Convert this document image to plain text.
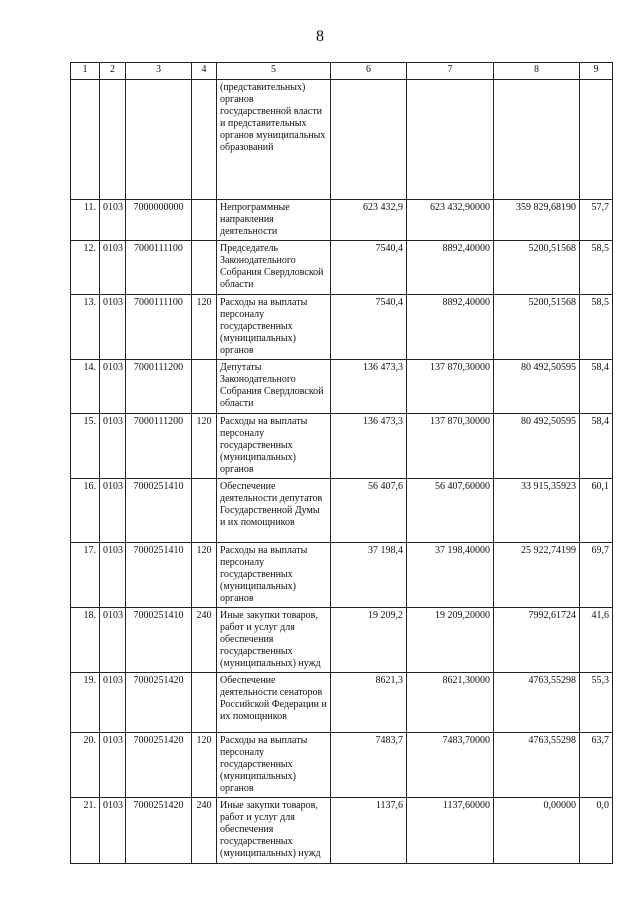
8
1	2	3	4	5	6	7	8	9
				(представительных) органов государственной власти и представительных органов муниципальных образований				
11.	0103	7000000000		Непрограммные направления деятельности	623 432,9	623 432,90000	359 829,68190	57,7
12.	0103	7000111100		Председатель Законодательного Собрания Свердловской области	7540,4	8892,40000	5200,51568	58,5
13.	0103	7000111100	120	Расходы на выплаты персоналу государственных (муниципальных) органов	7540,4	8892,40000	5200,51568	58,5
14.	0103	7000111200		Депутаты Законодательного Собрания Свердловской области	136 473,3	137 870,30000	80 492,50595	58,4
15.	0103	7000111200	120	Расходы на выплаты персоналу государственных (муниципальных) органов	136 473,3	137 870,30000	80 492,50595	58,4
16.	0103	7000251410		Обеспечение деятельности депутатов Государственной Думы и их помощников	56 407,6	56 407,60000	33 915,35923	60,1
17.	0103	7000251410	120	Расходы на выплаты персоналу государственных (муниципальных) органов	37 198,4	37 198,40000	25 922,74199	69,7
18.	0103	7000251410	240	Иные закупки товаров, работ и услуг для обеспечения государственных (муниципальных) нужд	19 209,2	19 209,20000	7992,61724	41,6
19.	0103	7000251420		Обеспечение деятельности сенаторов Российской Федерации и их помощников	8621,3	8621,30000	4763,55298	55,3
20.	0103	7000251420	120	Расходы на выплаты персоналу государственных (муниципальных) органов	7483,7	7483,70000	4763,55298	63,7
21.	0103	7000251420	240	Иные закупки товаров, работ и услуг для обеспечения государственных (муниципальных) нужд	1137,6	1137,60000	0,00000	0,0
